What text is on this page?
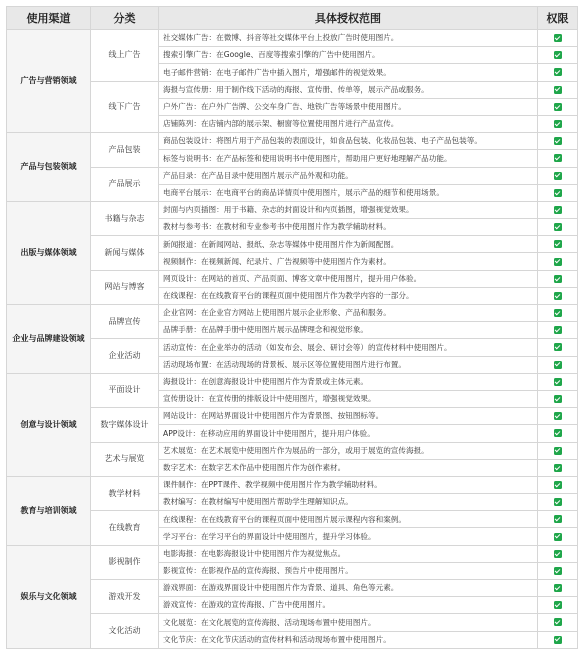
使用渠道	分类	具体授权范围	权限
广告与营销领域	线上广告	社交媒体广告：在微博、抖音等社交媒体平台上投放广告时使用图片。	
		搜索引擎广告：在Google、百度等搜索引擎的广告中使用图片。	
		电子邮件营销：在电子邮件广告中插入图片，增强邮件的视觉效果。	
	线下广告	海报与宣传册：用于制作线下活动的海报、宣传册、传单等，展示产品或服务。	
		户外广告：在户外广告牌、公交车身广告、地铁广告等场景中使用图片。	
		店铺陈列：在店铺内部的展示架、橱窗等位置使用图片进行产品宣传。	
产品与包装领域	产品包装	商品包装设计：将图片用于产品包装的表面设计，如食品包装、化妆品包装、电子产品包装等。	
		标签与说明书：在产品标签和使用说明书中使用图片，帮助用户更好地理解产品功能。	
	产品展示	产品目录：在产品目录中使用图片展示产品外观和功能。	
		电商平台展示：在电商平台的商品详情页中使用图片，展示产品的细节和使用场景。	
出版与媒体领域	书籍与杂志	封面与内页插图：用于书籍、杂志的封面设计和内页插图，增强视觉效果。	
		教材与参考书：在教材和专业参考书中使用图片作为教学辅助材料。	
	新闻与媒体	新闻报道：在新闻网站、报纸、杂志等媒体中使用图片作为新闻配图。	
		视频制作：在视频新闻、纪录片、广告视频等中使用图片作为素材。	
	网站与博客	网页设计：在网站的首页、产品页面、博客文章中使用图片，提升用户体验。	
		在线课程：在在线教育平台的课程页面中使用图片作为教学内容的一部分。	
企业与品牌建设领域	品牌宣传	企业官网：在企业官方网站上使用图片展示企业形象、产品和服务。	
		品牌手册：在品牌手册中使用图片展示品牌理念和视觉形象。	
	企业活动	活动宣传：在企业举办的活动（如发布会、展会、研讨会等）的宣传材料中使用图片。	
		活动现场布置：在活动现场的背景板、展示区等位置使用图片进行布置。	
创意与设计领域	平面设计	海报设计：在创意海报设计中使用图片作为背景或主体元素。	
		宣传册设计：在宣传册的排版设计中使用图片，增强视觉效果。	
	数字媒体设计	网站设计：在网站界面设计中使用图片作为背景图、按钮图标等。	
		APP设计：在移动应用的界面设计中使用图片，提升用户体验。	
	艺术与展览	艺术展览：在艺术展览中使用图片作为展品的一部分，或用于展览的宣传海报。	
		数字艺术：在数字艺术作品中使用图片作为创作素材。	
教育与培训领域	教学材料	课件制作：在PPT课件、教学视频中使用图片作为教学辅助材料。	
		教材编写：在教材编写中使用图片帮助学生理解知识点。	
	在线教育	在线课程：在在线教育平台的课程页面中使用图片展示课程内容和案例。	
		学习平台：在学习平台的界面设计中使用图片，提升学习体验。	
娱乐与文化领域	影视制作	电影海报：在电影海报设计中使用图片作为视觉焦点。	
		影视宣传：在影视作品的宣传海报、预告片中使用图片。	
	游戏开发	游戏界面：在游戏界面设计中使用图片作为背景、道具、角色等元素。	
		游戏宣传：在游戏的宣传海报、广告中使用图片。	
	文化活动	文化展览：在文化展览的宣传海报、活动现场布置中使用图片。	
		文化节庆：在文化节庆活动的宣传材料和活动现场布置中使用图片。	
